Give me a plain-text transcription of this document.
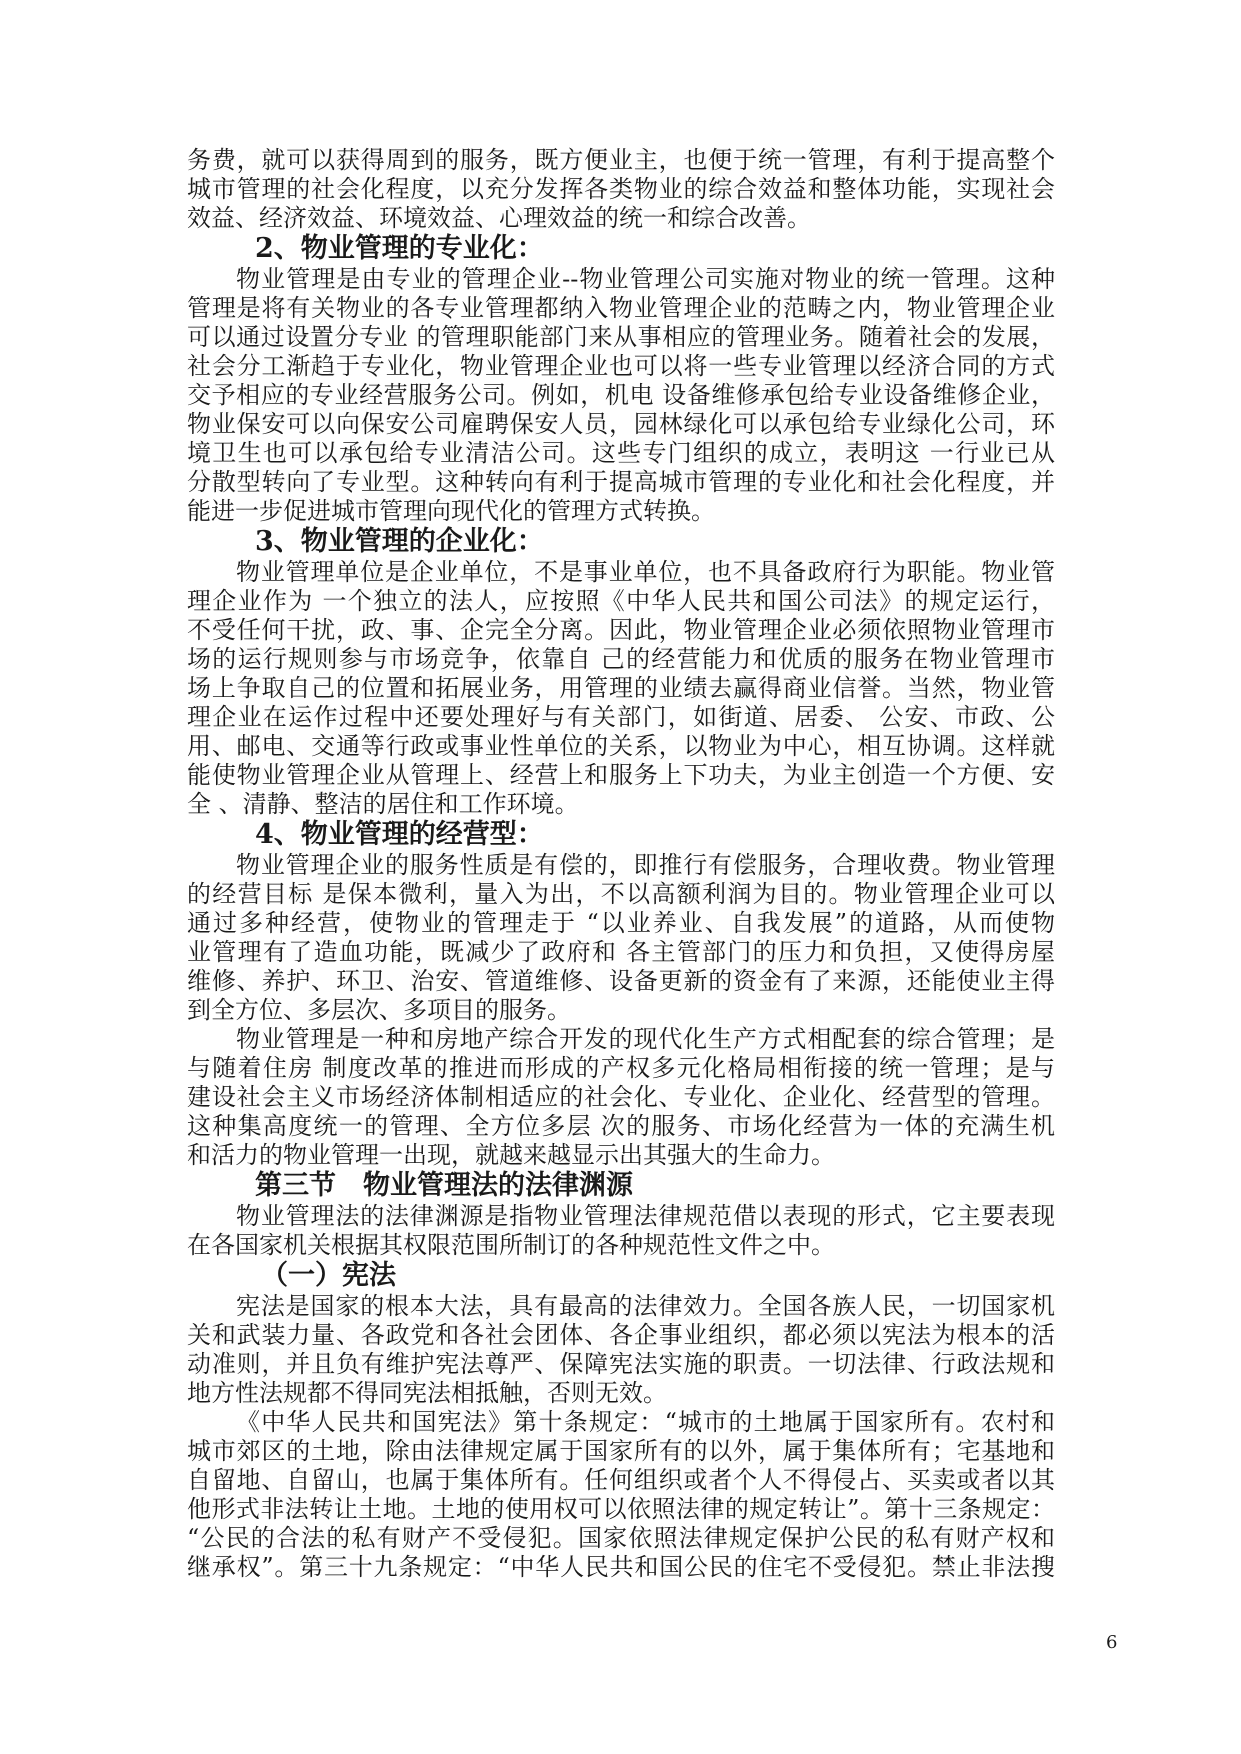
务费，就可以获得周到的服务，既方便业主，也便于统一管理，有利于提高整个
城市管理的社会化程度，以充分发挥各类物业的综合效益和整体功能，实现社会
效益、经济效益、环境效益、心理效益的统一和综合改善。
2、物业管理的专业化：
物业管理是由专业的管理企业--物业管理公司实施对物业的统一管理。这种
管理是将有关物业的各专业管理都纳入物业管理企业的范畴之内，物业管理企业
可以通过设置分专业 的管理职能部门来从事相应的管理业务。随着社会的发展，
社会分工渐趋于专业化，物业管理企业也可以将一些专业管理以经济合同的方式
交予相应的专业经营服务公司。例如，机电 设备维修承包给专业设备维修企业，
物业保安可以向保安公司雇聘保安人员，园林绿化可以承包给专业绿化公司，环
境卫生也可以承包给专业清洁公司。这些专门组织的成立，表明这 一行业已从
分散型转向了专业型。这种转向有利于提高城市管理的专业化和社会化程度，并
能进一步促进城市管理向现代化的管理方式转换。
3、物业管理的企业化：
物业管理单位是企业单位，不是事业单位，也不具备政府行为职能。物业管
理企业作为 一个独立的法人，应按照《中华人民共和国公司法》的规定运行，
不受任何干扰，政、事、企完全分离。因此，物业管理企业必须依照物业管理市
场的运行规则参与市场竞争，依靠自 己的经营能力和优质的服务在物业管理市
场上争取自己的位置和拓展业务，用管理的业绩去赢得商业信誉。当然，物业管
理企业在运作过程中还要处理好与有关部门，如街道、居委、 公安、市政、公
用、邮电、交通等行政或事业性单位的关系，以物业为中心，相互协调。这样就
能使物业管理企业从管理上、经营上和服务上下功夫，为业主创造一个方便、安
全 、清静、整洁的居住和工作环境。
4、物业管理的经营型：
物业管理企业的服务性质是有偿的，即推行有偿服务，合理收费。物业管理
的经营目标 是保本微利，量入为出，不以高额利润为目的。物业管理企业可以
通过多种经营，使物业的管理走于 “以业养业、自我发展”的道路，从而使物
业管理有了造血功能，既减少了政府和 各主管部门的压力和负担，又使得房屋
维修、养护、环卫、治安、管道维修、设备更新的资金有了来源，还能使业主得
到全方位、多层次、多项目的服务。
物业管理是一种和房地产综合开发的现代化生产方式相配套的综合管理；是
与随着住房 制度改革的推进而形成的产权多元化格局相衔接的统一管理；是与
建设社会主义市场经济体制相适应的社会化、专业化、企业化、经营型的管理。
这种集高度统一的管理、全方位多层 次的服务、市场化经营为一体的充满生机
和活力的物业管理一出现，就越来越显示出其强大的生命力。
第三节　物业管理法的法律渊源
物业管理法的法律渊源是指物业管理法律规范借以表现的形式，它主要表现
在各国家机关根据其权限范围所制订的各种规范性文件之中。
（一）宪法
宪法是国家的根本大法，具有最高的法律效力。全国各族人民，一切国家机
关和武装力量、各政党和各社会团体、各企事业组织，都必须以宪法为根本的活
动准则，并且负有维护宪法尊严、保障宪法实施的职责。一切法律、行政法规和
地方性法规都不得同宪法相抵触，否则无效。
《中华人民共和国宪法》第十条规定：“城市的土地属于国家所有。农村和
城市郊区的土地，除由法律规定属于国家所有的以外，属于集体所有；宅基地和
自留地、自留山，也属于集体所有。任何组织或者个人不得侵占、买卖或者以其
他形式非法转让土地。土地的使用权可以依照法律的规定转让”。第十三条规定：
“公民的合法的私有财产不受侵犯。国家依照法律规定保护公民的私有财产权和
继承权”。第三十九条规定：“中华人民共和国公民的住宅不受侵犯。禁止非法搜
6
